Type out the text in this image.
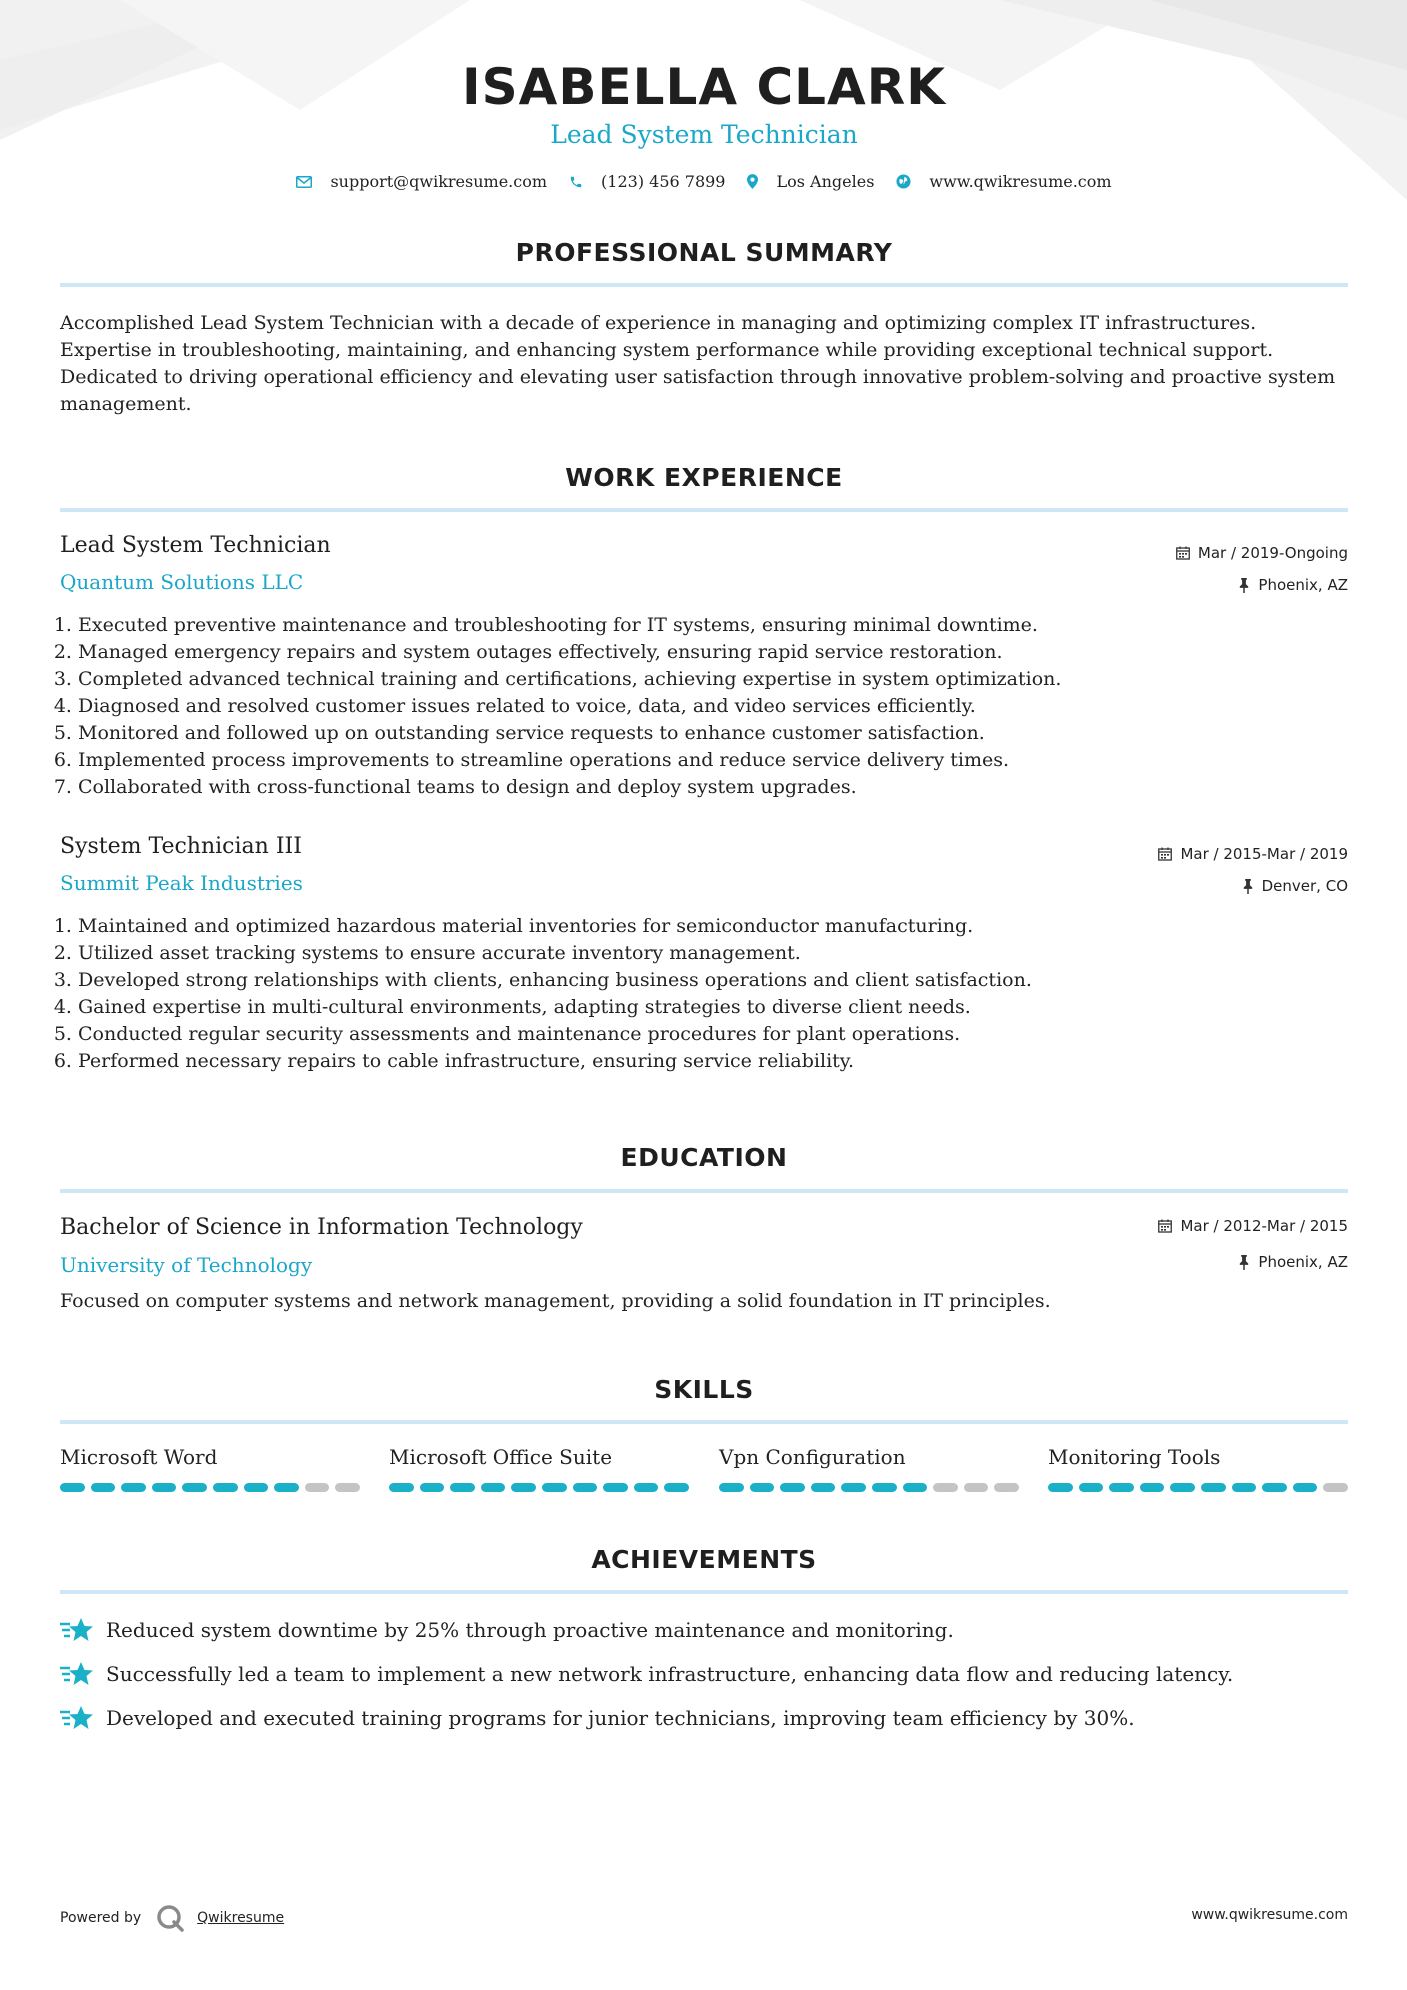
ISABELLA CLARK
Lead System Technician
support@qwikresume.com	(123) 456 7899	Los Angeles	www.qwikresume.com
PROFESSIONAL SUMMARY

Accomplished Lead System Technician with a decade of experience in managing and optimizing complex IT infrastructures. Expertise in troubleshooting, maintaining, and enhancing system performance while providing exceptional technical support. Dedicated to driving operational efficiency and elevating user satisfaction through innovative problem-solving and proactive system management.

WORK EXPERIENCE
Lead System Technician	Mar / 2019-Ongoing
Quantum Solutions LLC	Phoenix, AZ
1. Executed preventive maintenance and troubleshooting for IT systems, ensuring minimal downtime.
2. Managed emergency repairs and system outages effectively, ensuring rapid service restoration.
3. Completed advanced technical training and certifications, achieving expertise in system optimization.
4. Diagnosed and resolved customer issues related to voice, data, and video services efficiently.
5. Monitored and followed up on outstanding service requests to enhance customer satisfaction.
6. Implemented process improvements to streamline operations and reduce service delivery times.
7. Collaborated with cross-functional teams to design and deploy system upgrades.
System Technician III	Mar / 2015-Mar / 2019
Summit Peak Industries	Denver, CO
1. Maintained and optimized hazardous material inventories for semiconductor manufacturing.
2. Utilized asset tracking systems to ensure accurate inventory management.
3. Developed strong relationships with clients, enhancing business operations and client satisfaction.
4. Gained expertise in multi-cultural environments, adapting strategies to diverse client needs.
5. Conducted regular security assessments and maintenance procedures for plant operations.
6. Performed necessary repairs to cable infrastructure, ensuring service reliability.
EDUCATION
Bachelor of Science in Information Technology	Mar / 2012-Mar / 2015
University of Technology	Phoenix, AZ

Focused on computer systems and network management, providing a solid foundation in IT principles.

SKILLS
Microsoft Word	Microsoft Office Suite	Vpn Configuration	Monitoring Tools
ACHIEVEMENTS
Reduced system downtime by 25% through proactive maintenance and monitoring.
Successfully led a team to implement a new network infrastructure, enhancing data flow and reducing latency.
Developed and executed training programs for junior technicians, improving team efficiency by 30%.
Powered by	Qwikresume	www.qwikresume.com
